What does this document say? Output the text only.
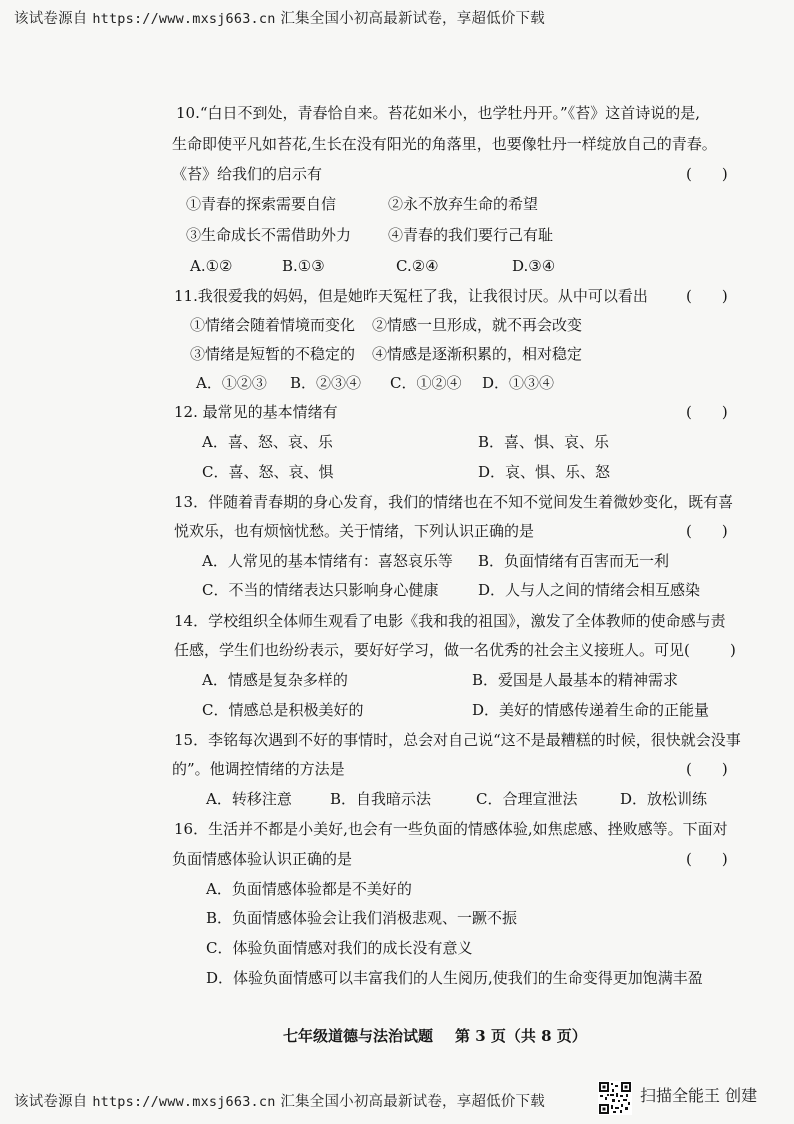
该试卷源自 https://www.mxsj663.cn 汇集全国小初高最新试卷，享超低价下载
10.“白日不到处，青春恰自来。苔花如米小，也学牡丹开。”《苔》这首诗说的是,
生命即使平凡如苔花,生长在没有阳光的角落里，也要像牡丹一样绽放自己的青春。
《苔》给我们的启示有	(　　)
①青春的探索需要自信	②永不放弃生命的希望
③生命成长不需借助外力 ④青春的我们要行己有耻
A.①②	B.①③	C.②④	D.③④
11.我很爱我的妈妈，但是她昨天冤枉了我，让我很讨厌。从中可以看出	(　　)
①情绪会随着情境而变化 ②情感一旦形成，就不再会改变
③情绪是短暂的不稳定的 ④情感是逐渐积累的，相对稳定
A．①②③ B．②③④ C．①②④ D．①③④
12. 最常见的基本情绪有	(　　)
A．喜、怒、哀、乐	B．喜、惧、哀、乐
C．喜、怒、哀、惧	D．哀、惧、乐、怒
13．伴随着青春期的身心发育，我们的情绪也在不知不觉间发生着微妙变化，既有喜
悦欢乐，也有烦恼忧愁。关于情绪，下列认识正确的是	(　　)
A．人常见的基本情绪有：喜怒哀乐等 B．负面情绪有百害而无一利
C．不当的情绪表达只影响身心健康	D．人与人之间的情绪会相互感染
14．学校组织全体师生观看了电影《我和我的祖国》，激发了全体教师的使命感与责
任感，学生们也纷纷表示，要好好学习，做一名优秀的社会主义接班人。可见(	)
A．情感是复杂多样的	B．爱国是人最基本的精神需求
C．情感总是积极美好的	D．美好的情感传递着生命的正能量
15．李铭每次遇到不好的事情时，总会对自己说“这不是最糟糕的时候，很快就会没事
的”。他调控情绪的方法是	(　　)
A．转移注意	B．自我暗示法	C．合理宣泄法	D．放松训练
16．生活并不都是小美好,也会有一些负面的情感体验,如焦虑感、挫败感等。下面对
负面情感体验认识正确的是	(　　)
A．负面情感体验都是不美好的
B．负面情感体验会让我们消极悲观、一蹶不振
C．体验负面情感对我们的成长没有意义
D．体验负面情感可以丰富我们的人生阅历,使我们的生命变得更加饱满丰盈
七年级道德与法治试题 第 3 页（共 8 页）
该试卷源自 https://www.mxsj663.cn 汇集全国小初高最新试卷，享超低价下载	扫描全能王 创建
